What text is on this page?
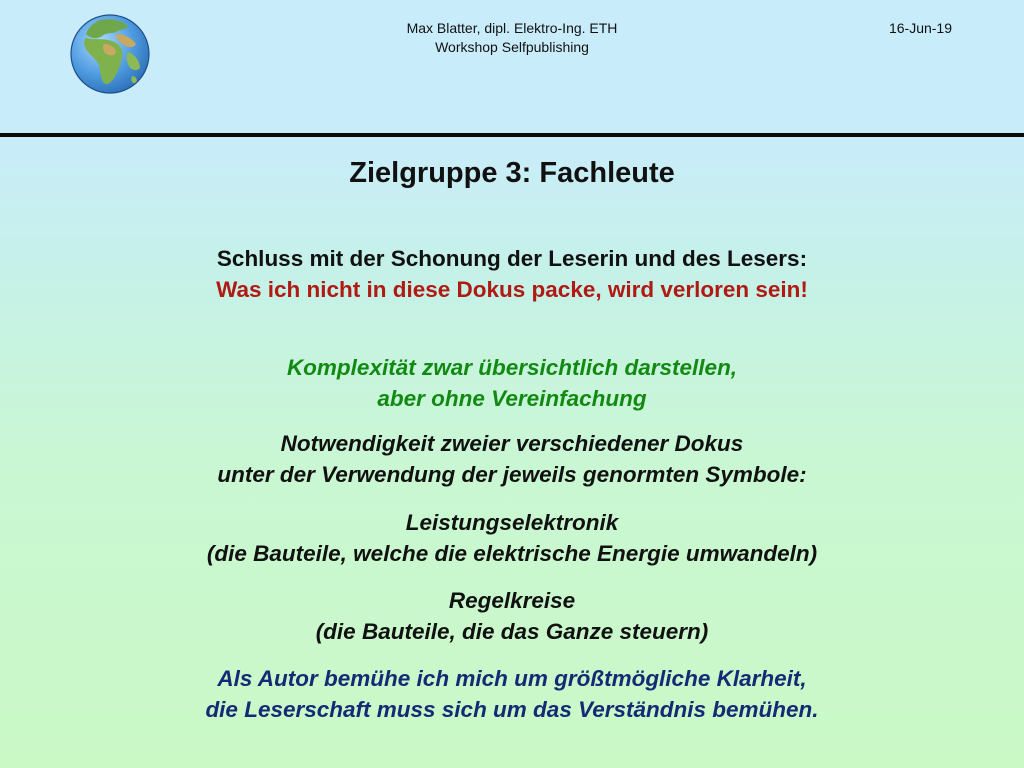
Max Blatter, dipl. Elektro-Ing. ETH
Workshop Selfpublishing
16-Jun-19
Zielgruppe 3: Fachleute
Schluss mit der Schonung der Leserin und des Lesers:
Was ich nicht in diese Dokus packe, wird verloren sein!
Komplexität zwar übersichtlich darstellen,
aber ohne Vereinfachung
Notwendigkeit zweier verschiedener Dokus
unter der Verwendung der jeweils genormten Symbole:
Leistungselektronik
(die Bauteile, welche die elektrische Energie umwandeln)
Regelkreise
(die Bauteile, die das Ganze steuern)
Als Autor bemühe ich mich um größtmögliche Klarheit,
die Leserschaft muss sich um das Verständnis bemühen.
